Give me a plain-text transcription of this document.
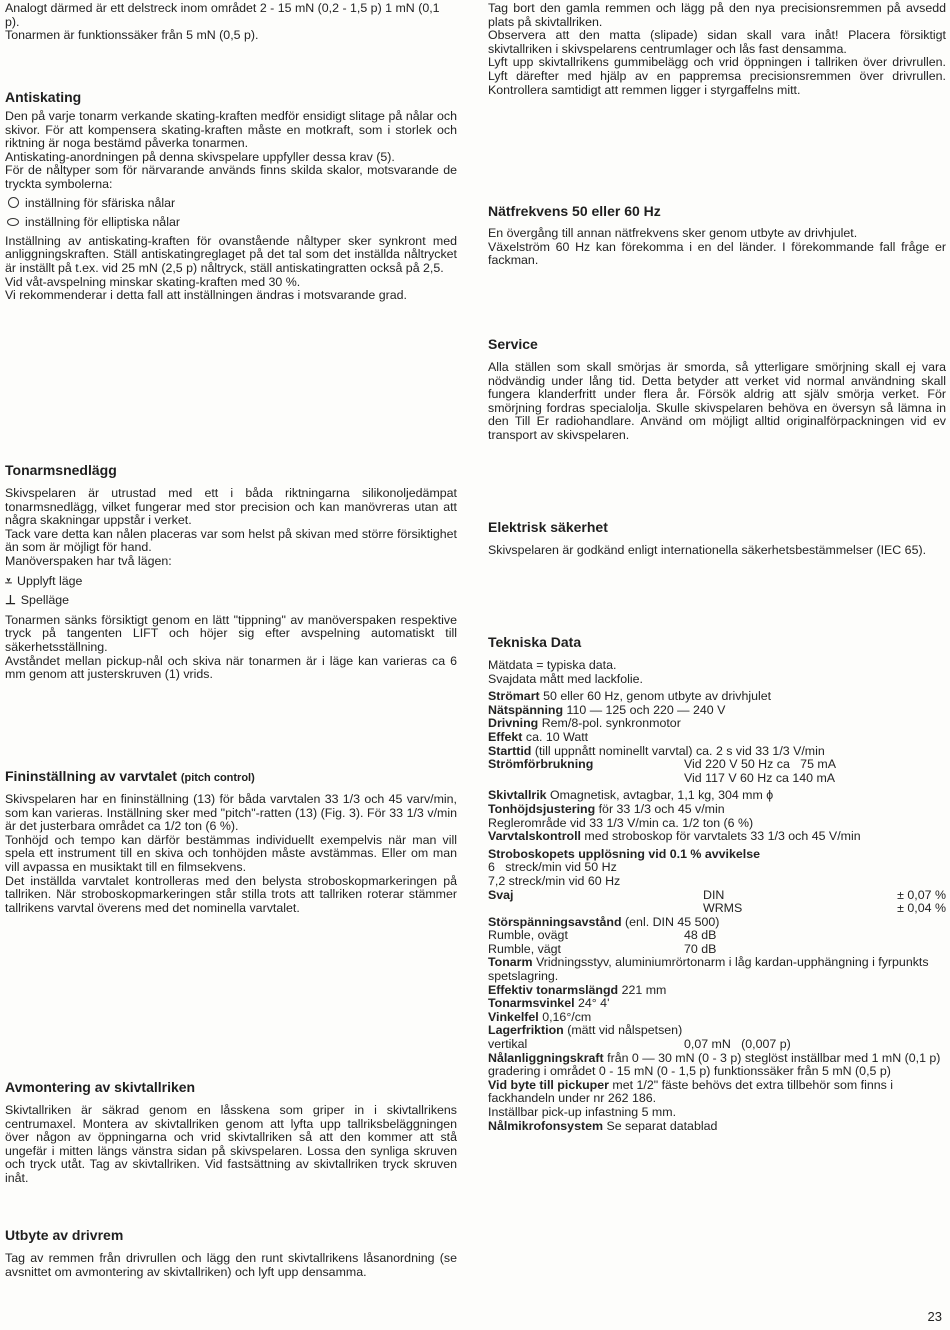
Analogt därmed är ett delstreck inom området 2 - 15 mN (0,2 - 1,5 p) 1 mN (0,1 p).

Tonarmen är funktionssäker från 5 mN (0,5 p).

Antiskating

Den på varje tonarm verkande skating-kraften medför ensidigt slitage på nålar och skivor. För att kompensera skating-kraften måste en motkraft, som i storlek och riktning är noga bestämd påverka tonarmen.

Antiskating-anordningen på denna skivspelare uppfyller dessa krav (5).

För de nåltyper som för närvarande används finns skilda skalor, motsvarande de tryckta symbolerna:

inställning för sfäriska nålar
inställning för elliptiska nålar

Inställning av antiskating-kraften för ovanstående nåltyper sker synkront med anliggningskraften. Ställ antiskatingreglaget på det tal som det inställda nåltrycket är inställt på t.ex. vid 25 mN (2,5 p) nåltryck, ställ antiskatingratten också på 2,5.

Vid våt-avspelning minskar skating-kraften med 30 %.

Vi rekommenderar i detta fall att inställningen ändras i motsvarande grad.

Tonarmsnedlägg

Skivspelaren är utrustad med ett i båda riktningarna silikonoljedämpat tonarmsnedlägg, vilket fungerar med stor precision och kan manövreras utan att några skakningar uppstår i verket.

Tack vare detta kan nålen placeras var som helst på skivan med större försiktighet än som är möjligt för hand.

Manöverspaken har två lägen:

⩡ Upplyft läge
⊥ Spelläge

Tonarmen sänks försiktigt genom en lätt "tippning" av manöverspaken respektive tryck på tangenten LIFT och höjer sig efter avspelning automatiskt till säkerhetsställning.

Avståndet mellan pickup-nål och skiva när tonarmen är i läge kan varieras ca 6 mm genom att justerskruven (1) vrids.

Fininställning av varvtalet (pitch control)

Skivspelaren har en fininställning (13) för båda varvtalen 33 1/3 och 45 varv/min, som kan varieras. Inställning sker med "pitch"-ratten (13) (Fig. 3). För 33 1/3 v/min är det justerbara området ca 1/2 ton (6 %).

Tonhöjd och tempo kan därför bestämmas individuellt exempelvis när man vill spela ett instrument till en skiva och tonhöjden måste avstämmas. Eller om man vill avpassa en musiktakt till en filmsekvens.

Det inställda varvtalet kontrolleras med den belysta stroboskopmarkeringen på tallriken. När stroboskopmarkeringen står stilla trots att tallriken roterar stämmer tallrikens varvtal överens med det nominella varvtalet.

Avmontering av skivtallriken

Skivtallriken är säkrad genom en låsskena som griper in i skivtallrikens centrumaxel. Montera av skivtallriken genom att lyfta upp tallriksbeläggningen över någon av öppningarna och vrid skivtallriken så att den kommer att stå ungefär i mitten längs vänstra sidan på skivspelaren. Lossa den synliga skruven och tryck utåt. Tag av skivtallriken. Vid fastsättning av skivtallriken tryck skruven inåt.

Utbyte av drivrem

Tag av remmen från drivrullen och lägg den runt skivtallrikens låsanordning (se avsnittet om avmontering av skivtallriken) och lyft upp densamma.

Tag bort den gamla remmen och lägg på den nya precisionsremmen på avsedd plats på skivtallriken.

Observera att den matta (slipade) sidan skall vara inåt! Placera försiktigt skivtallriken i skivspelarens centrumlager och lås fast densamma.

Lyft upp skivtallrikens gummibelägg och vrid öppningen i tallriken över drivrullen. Lyft därefter med hjälp av en pappremsa precisionsremmen över drivrullen. Kontrollera samtidigt att remmen ligger i styrgaffelns mitt.

Nätfrekvens 50 eller 60 Hz

En övergång till annan nätfrekvens sker genom utbyte av drivhjulet.

Växelström 60 Hz kan förekomma i en del länder. I förekommande fall fråge er fackman.

Service

Alla ställen som skall smörjas är smorda, så ytterligare smörjning skall ej vara nödvändig under lång tid. Detta betyder att verket vid normal användning skall fungera klanderfritt under flera år. Försök aldrig att själv smörja verket. För smörjning fordras specialolja. Skulle skivspelaren behöva en översyn så lämna in den Till Er radiohandlare. Använd om möjligt alltid originalförpackningen vid ev transport av skivspelaren.

Elektrisk säkerhet

Skivspelaren är godkänd enligt internationella säkerhetsbestämmelser (IEC 65).

Tekniska Data

Mätdata = typiska data.

Svajdata mått med lackfolie.

Strömart 50 eller 60 Hz, genom utbyte av drivhjulet

Nätspänning 110 — 125 och 220 — 240 V

Drivning Rem/8-pol. synkronmotor

Effekt ca. 10 Watt

Starttid (till uppnått nominellt varvtal) ca. 2 s vid 33 1/3 V/min

Strömförbrukning	Vid 220 V 50 Hz ca   75 mA
Vid 117 V 60 Hz ca 140 mA

Skivtallrik Omagnetisk, avtagbar, 1,1 kg, 304 mm ϕ

Tonhöjdsjustering för 33 1/3 och 45 v/min

Reglerområde vid 33 1/3 V/min ca. 1/2 ton (6 %)

Varvtalskontroll med stroboskop för varvtalets 33 1/3 och 45 V/min

Stroboskopets upplösning vid 0.1 % avvikelse

6   streck/min vid 50 Hz

7,2 streck/min vid 60 Hz

Svaj	DIN	± 0,07 %
WRMS	± 0,04 %

Störspänningsavstånd (enl. DIN 45 500)

Rumble, ovägt	48 dB
Rumble, vägt	70 dB

Tonarm Vridningsstyv, aluminiumrörtonarm i låg kardan-upphängning i fyrpunkts spetslagring.

Effektiv tonarmslängd 221 mm

Tonarmsvinkel 24° 4'

Vinkelfel 0,16°/cm

Lagerfriktion (mätt vid nålspetsen)

vertikal	0,07 mN   (0,007 p)

Nålanliggningskraft från 0 — 30 mN (0 - 3 p) steglöst inställbar med 1 mN (0,1 p) gradering i området 0 - 15 mN (0 - 1,5 p) funktionssäker från 5 mN (0,5 p)

Vid byte till pickuper met 1/2" fäste behövs det extra tillbehör som finns i fackhandeln under nr 262 186.

Inställbar pick-up infastning 5 mm.

Nålmikrofonsystem Se separat datablad

23
